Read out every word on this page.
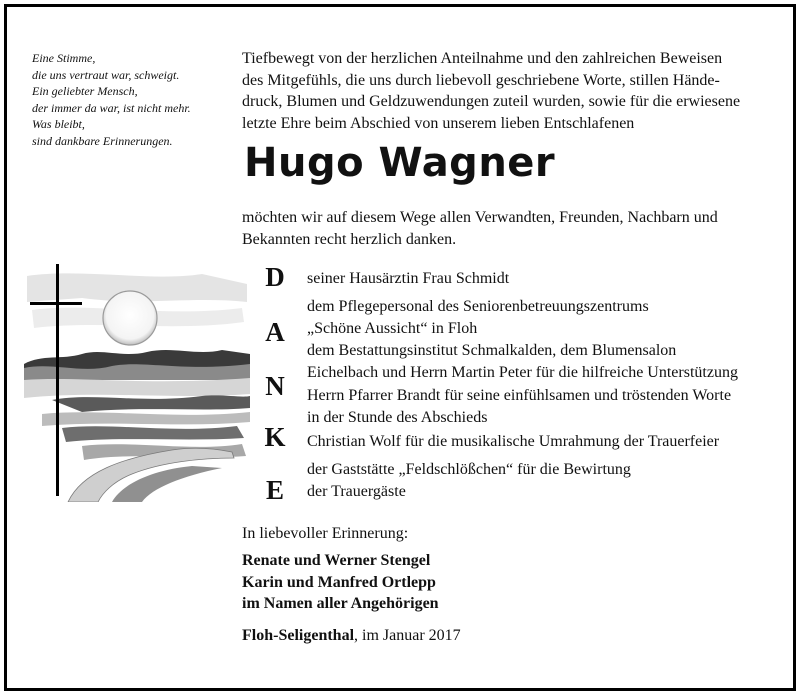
Eine Stimme,
die uns vertraut war, schweigt.
Ein geliebter Mensch,
der immer da war, ist nicht mehr.
Was bleibt,
sind dankbare Erinnerungen.
Tiefbewegt von der herzlichen Anteilnahme und den zahlreichen Beweisen
des Mitgefühls, die uns durch liebevoll geschriebene Worte, stillen Hände-
druck, Blumen und Geldzuwendungen zuteil wurden, sowie für die erwiesene
letzte Ehre beim Abschied von unserem lieben Entschlafenen
Hugo Wagner
möchten wir auf diesem Wege allen Verwandten, Freunden, Nachbarn und
Bekannten recht herzlich danken.
D
A
N
K
E
seiner Hausärztin Frau Schmidt
dem Pflegepersonal des Seniorenbetreuungszentrums
„Schöne Aussicht“ in Floh
dem Bestattungsinstitut Schmalkalden, dem Blumensalon
Eichelbach und Herrn Martin Peter für die hilfreiche Unterstützung
Herrn Pfarrer Brandt für seine einfühlsamen und tröstenden Worte
in der Stunde des Abschieds
Christian Wolf für die musikalische Umrahmung der Trauerfeier
der Gaststätte „Feldschlößchen“ für die Bewirtung
der Trauergäste
In liebevoller Erinnerung:
Renate und Werner Stengel
Karin und Manfred Ortlepp
im Namen aller Angehörigen
Floh-Seligenthal, im Januar 2017
